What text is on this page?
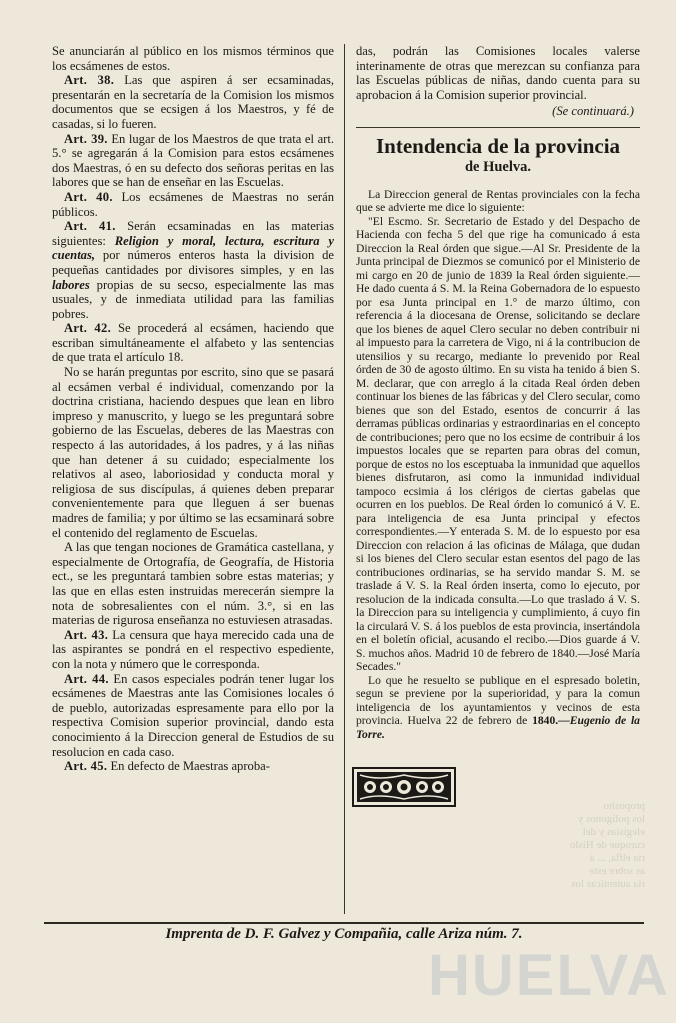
Se anunciarán al público en los mismos términos que los ecsámenes de estos.

Art. 38. Las que aspiren á ser ecsaminadas, presentarán en la secretaría de la Comision los mismos documentos que se ecsigen á los Maestros, y fé de casadas, si lo fueren.

Art. 39. En lugar de los Maestros de que trata el art. 5.° se agregarán á la Comision para estos ecsámenes dos Maestras, ó en su defecto dos señoras peritas en las labores que se han de enseñar en las Escuelas.

Art. 40. Los ecsámenes de Maestras no serán públicos.

Art. 41. Serán ecsaminadas en las materias siguientes: Religion y moral, lectura, escritura y cuentas, por números enteros hasta la division de pequeñas cantidades por divisores simples, y en las labores propias de su secso, especialmente las mas usuales, y de inmediata utilidad para las familias pobres.

Art. 42. Se procederá al ecsámen, haciendo que escriban simultáneamente el alfabeto y las sentencias de que trata el artículo 18.

No se harán preguntas por escrito, sino que se pasará al ecsámen verbal é individual, comenzando por la doctrina cristiana, haciendo despues que lean en libro impreso y manuscrito, y luego se les preguntará sobre gobierno de las Escuelas, deberes de las Maestras con respecto á las autoridades, á los padres, y á las niñas que han detener á su cuidado; especialmente los relativos al aseo, laboriosidad y conducta moral y religiosa de sus discípulas, á quienes deben preparar convenientemente para que lleguen á ser buenas madres de familia; y por último se las ecsaminará sobre el contenido del reglamento de Escuelas.

A las que tengan nociones de Gramática castellana, y especialmente de Ortografía, de Geografía, de Historia ect., se les preguntará tambien sobre estas materias; y las que en ellas esten instruidas merecerán siempre la nota de sobresalientes con el núm. 3.°, si en las materias de rigurosa enseñanza no estuviesen atrasadas.

Art. 43. La censura que haya merecido cada una de las aspirantes se pondrá en el respectivo espediente, con la nota y número que le corresponda.

Art. 44. En casos especiales podrán tener lugar los ecsámenes de Maestras ante las Comisiones locales ó de pueblo, autorizadas espresamente para ello por la respectiva Comision superior provincial, dando esta conocimiento á la Direccion general de Estudios de su resolucion en cada caso.

Art. 45. En defecto de Maestras aproba-

das, podrán las Comisiones locales valerse interinamente de otras que merezcan su confianza para las Escuelas públicas de niñas, dando cuenta para su aprobacion á la Comision superior provincial.

(Se continuará.)
Intendencia de la provincia
de Huelva.

La Direccion general de Rentas provinciales con la fecha que se advierte me dice lo siguiente:

"El Escmo. Sr. Secretario de Estado y del Despacho de Hacienda con fecha 5 del que rige ha comunicado á esta Direccion la Real órden que sigue.—Al Sr. Presidente de la Junta principal de Diezmos se comunicó por el Ministerio de mi cargo en 20 de junio de 1839 la Real órden siguiente.—He dado cuenta á S. M. la Reina Gobernadora de lo espuesto por esa Junta principal en 1.° de marzo último, con referencia á la diocesana de Orense, solicitando se declare que los bienes de aquel Clero secular no deben contribuir ni al impuesto para la carretera de Vigo, ni á la contribucion de utensilios y su recargo, mediante lo prevenido por Real órden de 30 de agosto último. En su vista ha tenido á bien S. M. declarar, que con arreglo á la citada Real órden deben continuar los bienes de las fábricas y del Clero secular, como bienes que son del Estado, esentos de concurrir á las derramas públicas ordinarias y estraordinarias en el concepto de contribuciones; pero que no los ecsime de contribuir á los impuestos locales que se reparten para obras del comun, porque de estos no los esceptuaba la inmunidad que aquellos bienes disfrutaron, asi como la inmunidad individual tampoco ecsimia á los clérigos de ciertas gabelas que ocurren en los pueblos. De Real órden lo comunicó á V. E. para inteligencia de esa Junta principal y efectos correspondientes.—Y enterada S. M. de lo espuesto por esa Direccion con relacion á las oficinas de Málaga, que dudan si los bienes del Clero secular estan esentos del pago de las contribuciones ordinarias, se ha servido mandar S. M. se traslade á V. S. la Real órden inserta, como lo ejecuto, por resolucion de la indicada consulta.—Lo que traslado á V. S. la Direccion para su inteligencia y cumplimiento, á cuyo fin la circulará V. S. á los pueblos de esta provincia, insertándola en el boletín oficial, acusando el recibo.—Dios guarde á V. S. muchos años. Madrid 10 de febrero de 1840.—José María Secades."

Lo que he resuelto se publique en el espresado boletin, segun se previene por la superioridad, y para la comun inteligencia de los ayuntamientos y vecinos de esta provincia. Huelva 22 de febrero de 1840.—Eugenio de la Torre.

proposito
los poligonos y
elegisias y del
curoque de Hislo
ria elfla, ... á
as sobre este
ria autenticas los
Imprenta de D. F. Galvez y Compañia, calle Ariza núm. 7.
HUELVA
